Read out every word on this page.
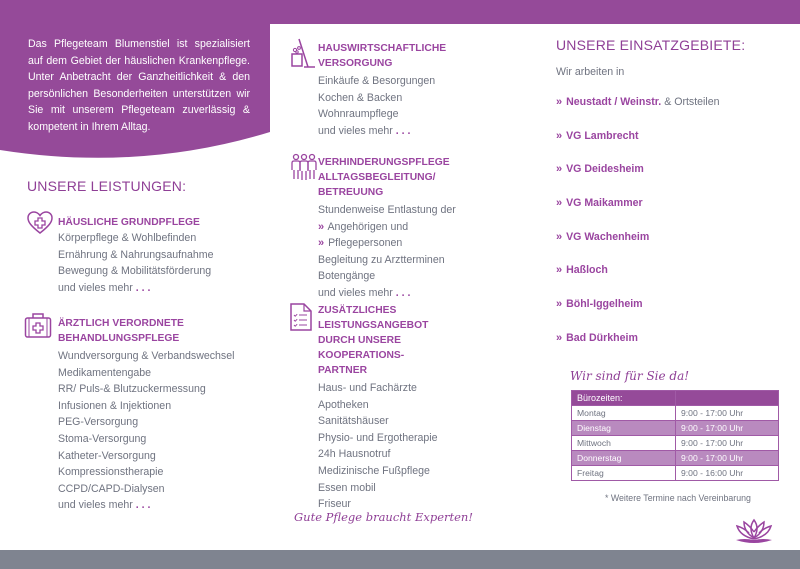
Das Pflegeteam Blumenstiel ist spezialisiert auf dem Gebiet der häuslichen Krankenpflege. Unter Anbetracht der Ganzheitlichkeit & den persönlichen Besonderheiten unterstützen wir Sie mit unserem Pflegeteam zuverlässig & kompetent in Ihrem Alltag.

UNSERE LEISTUNGEN:
HÄUSLICHE GRUNDPFLEGE
Körperpflege & Wohlbefinden
Ernährung & Nahrungsaufnahme
Bewegung & Mobilitätsförderung
und vieles mehr . . .
ÄRZTLICH VERORDNETE
BEHANDLUNGSPFLEGE
Wundversorgung & Verbandswechsel
Medikamentengabe
RR/ Puls-& Blutzuckermessung
Infusionen & Injektionen
PEG-Versorgung
Stoma-Versorgung
Katheter-Versorgung
Kompressionstherapie
CCPD/CAPD-Dialysen
und vieles mehr . . .
HAUSWIRTSCHAFTLICHE
VERSORGUNG
Einkäufe & Besorgungen
Kochen & Backen
Wohnraumpflege
und vieles mehr . . .
VERHINDERUNGSPFLEGE
ALLTAGSBEGLEITUNG/ BETREUUNG
Stundenweise Entlastung der
» Angehörigen und
» Pflegepersonen
Begleitung zu Arztterminen
Botengänge
und vieles mehr . . .
ZUSÄTZLICHES LEISTUNGSANGEBOT
DURCH UNSERE KOOPERATIONS-
PARTNER
Haus- und Fachärzte
Apotheken
Sanitätshäuser
Physio- und Ergotherapie
24h Hausnotruf
Medizinische Fußpflege
Essen mobil
Friseur
Gute Pflege braucht Experten!
UNSERE EINSATZGEBIETE:
Wir arbeiten in
» Neustadt / Weinstr. & Ortsteilen
» VG Lambrecht
» VG Deidesheim
» VG Maikammer
» VG Wachenheim
» Haßloch
» Böhl-Iggelheim
» Bad Dürkheim
Wir sind für Sie da!
Bürozeiten:	
Montag	9:00 - 17:00 Uhr
Dienstag	9:00 - 17:00 Uhr
Mittwoch	9:00 - 17:00 Uhr
Donnerstag	9:00 - 17:00 Uhr
Freitag	9:00 - 16:00 Uhr
* Weitere Termine nach Vereinbarung
